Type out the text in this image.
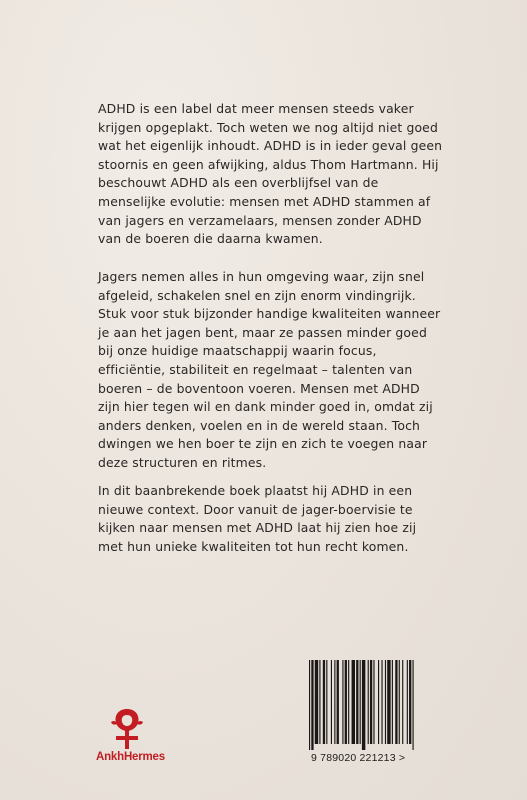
ADHD is een label dat meer mensen steeds vaker krijgen opgeplakt. Toch weten we nog altijd niet goed wat het eigenlijk inhoudt. ADHD is in ieder geval geen stoornis en geen afwijking, aldus Thom Hartmann. Hij beschouwt ADHD als een overblijfsel van de menselijke evolutie: mensen met ADHD stammen af van jagers en verzamelaars, mensen zonder ADHD van de boeren die daarna kwamen.

Jagers nemen alles in hun omgeving waar, zijn snel afgeleid, schakelen snel en zijn enorm vindingrijk. Stuk voor stuk bijzonder handige kwaliteiten wanneer je aan het jagen bent, maar ze passen minder goed bij onze huidige maatschappij waarin focus, efficiëntie, stabiliteit en regelmaat – talenten van boeren – de boventoon voeren. Mensen met ADHD zijn hier tegen wil en dank minder goed in, omdat zij anders denken, voelen en in de wereld staan. Toch dwingen we hen boer te zijn en zich te voegen naar deze structuren en ritmes.

In dit baanbrekende boek plaatst hij ADHD in een nieuwe context. Door vanuit de jager-boervisie te kijken naar mensen met ADHD laat hij zien hoe zij met hun unieke kwaliteiten tot hun recht komen.

AnkhHermes	9 789020 221213 >
